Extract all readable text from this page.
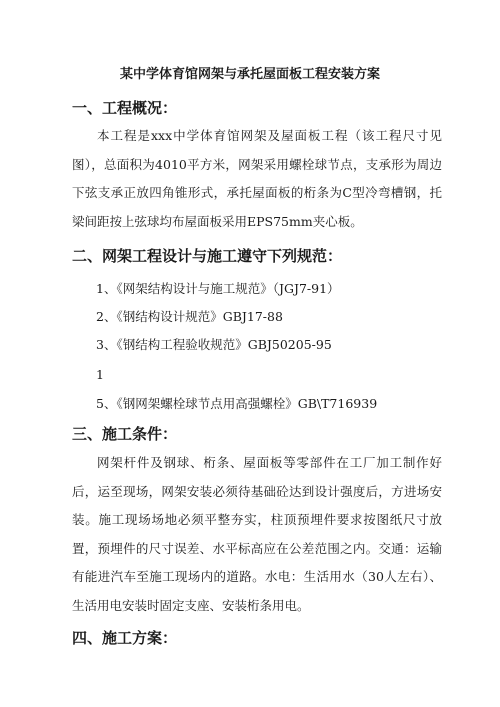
某中学体育馆网架与承托屋面板工程安装方案
一、工程概况：

本工程是xxx中学体育馆网架及屋面板工程（该工程尺寸见图），总面积为4010平方米，网架采用螺栓球节点，支承形为周边下弦支承正放四角锥形式，承托屋面板的桁条为C型冷弯槽钢，托梁间距按上弦球均布屋面板采用EPS75mm夹心板。

二、网架工程设计与施工遵守下列规范：
1、《网架结构设计与施工规范》（JGJ7-91）
2、《钢结构设计规范》GBJ17-88
3、《钢结构工程验收规范》GBJ50205-95
1
5、《钢网架螺栓球节点用高强螺栓》GB\T716939
三、施工条件：

网架杆件及钢球、桁条、屋面板等零部件在工厂加工制作好后，运至现场，网架安装必须待基础砼达到设计强度后，方进场安装。施工现场场地必须平整夯实，柱顶预埋件要求按图纸尺寸放置，预埋件的尺寸误差、水平标高应在公差范围之内。交通：运输有能进汽车至施工现场内的道路。水电：生活用水（30人左右）、生活用电安装时固定支座、安装桁条用电。

四、施工方案：
